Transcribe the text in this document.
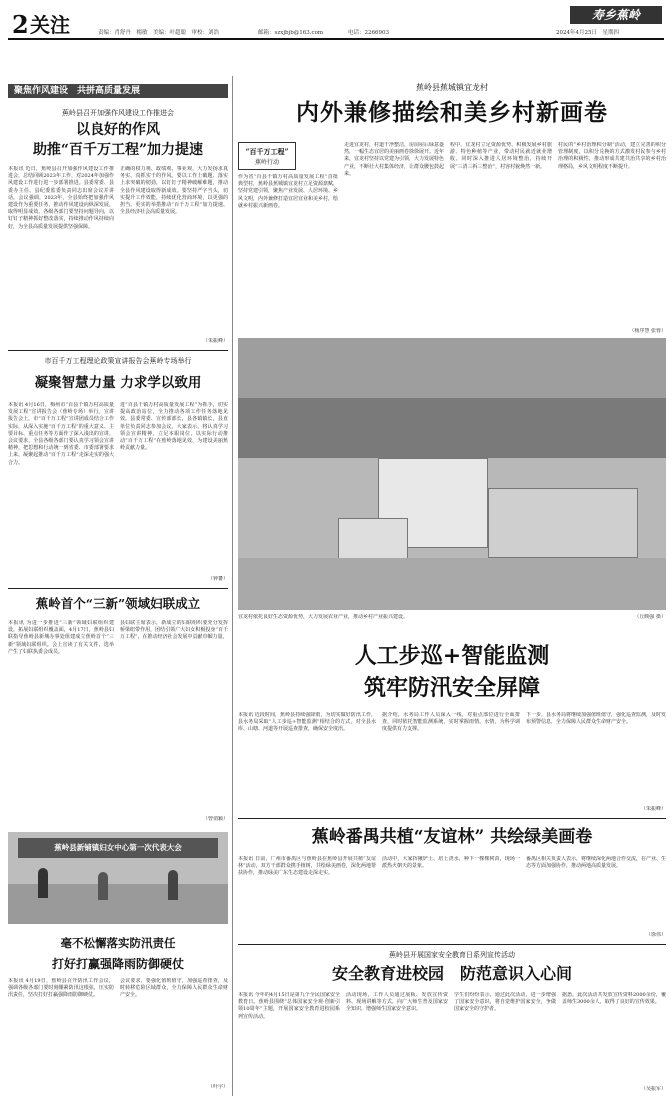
2 关注	责编：肖舒丹　楊敏　美编：叶超聪　审校：刘浩	邮箱：szxjbjb@163.com	电话：2266903
寿乡蕉岭
2024年4月25日　星期四
聚焦作风建设　共拼高质量发展
蕉岭县召开加强作风建设工作推进会
以良好的作风
助推“百千万工程”加力提速
本报讯 近日，蕉岭县召开加强作风建设工作推进会，总结回顾2023年工作，对2024年加强作风建设工作进行进一步部署推进。县委常委、县委办主任、县纪委监委负责同志出席会议并讲话。会议强调，2023年，全县始终把加强作风建设作为重要任务，推动作风建设向纵深发展，取得明显成效。各级各部门要坚持问题导向，以钉钉子精神抓好整改落实，持续推动作风持续向好，为全县高质量发展提供坚强保障。
正确的权力观、政绩观、事业观，大力发扬求真务实、真抓实干的作风。要以工作上破题、落实上求突破的韧劲，以钉钉子精神破解难题，推动全县作风建设取得新成效。要坚持严字当头，切实提升工作效能，持续优化营商环境，以更强的担当、更实的举措推动“百千万工程”加力提速、全县经济社会高质量发展。
（朱振峰）
市百千万工程理论政策宣讲报告会蕉岭专场举行
凝聚智慧力量 力求学以致用
本报讯 4月16日，梅州市“百县千镇万村高质量发展工程”宣讲报告会（蕉岭专场）举行。宣讲报告会上，市“百千万工程”宣讲团成员结合工作实际，从深入实施“百千万工程”的重大意义、主要目标、重点任务等方面作了深入浅出的宣讲。会议要求，全县各级各部门要认真学习领会宣讲精神，把思想和行动统一到省委、市委部署要求上来，凝聚起推动“百千万工程”走深走实的强大合力。
进“百县千镇万村高质量发展工程”为抓手，切实提高政治站位，全力推动各项工作任务落地见效。县委常委、宣传部部长，县各镇镇长，县直单位负责同志参加会议。大家表示，将认真学习领会宣讲精神，立足本职岗位，以实际行动推动“百千万工程”在蕉岭落地见效，为建设美丽蕉岭贡献力量。
（钟蕃）
蕉岭首个“三新”领域妇联成立
本报讯 为进一步推进“三新”领域妇联组织建设，拓展妇联组织覆盖面，4月17日，蕉岭县妇联指导蕉岭县新城办事处组建成立蕉岭首个“三新”领域妇联组织。会上宣读了有关文件，选举产生了妇联执委会成员。
县妇联主席表示，新成立的妇联组织要充分发挥桥梁纽带作用，团结引领广大妇女积极投身“百千万工程”，在推动经济社会发展中贡献巾帼力量。
（曾俏颖）
蕉岭县新铺镇妇女中心第一次代表大会
毫不松懈落实防汛责任
打好打赢强降雨防御硬仗
本报讯 4月19日，蕉岭县召开防汛工作会议，强调各级各部门要时刻绷紧防汛这根弦，压实防汛责任，坚决打好打赢强降雨防御硬仗。
会议要求，要强化值班值守，加强巡查排查，及时转移危险区域群众，全力保障人民群众生命财产安全。
（叶宇）
蕉岭县蕉城镇宜龙村
内外兼修描绘和美乡村新画卷
“百千万工程”
蕉岭行动
作为省“百县千镇万村高质量发展工程”首批典型村，蕉岭县蕉城镇宜龙村立足资源禀赋，坚持党建引领，聚焦产业发展、人居环境、乡风文明，内外兼修打造宜居宜业和美乡村，绘就乡村振兴新画卷。
走进宜龙村，村道干净整洁，房前屋后绿意盎然，一幅生态宜居的美丽画卷徐徐展开。近年来，宜龙村坚持以党建为引领，大力发展特色产业，不断壮大村集体经济，让群众腰包鼓起来。
程中，宜龙村立足资源优势，积极发展乡村旅游、特色种植等产业，带动村民就近就业增收。同时深入推进人居环境整治，持续开展“三清三拆三整治”，村容村貌焕然一新。
村民的“乡村治理积分制”活动，建立完善的积分管理制度，以积分兑换的方式激发村民参与乡村治理的积极性，推动形成共建共治共享的乡村治理格局，乡风文明程度不断提升。
（杨序慧 张蓉）
宜龙村依托良好生态资源优势，大力发展农业产业，推动乡村产业振兴建设。	（丘映强 摄）
人工步巡+智能监测
筑牢防汛安全屏障
本报讯 近段时间，蕉岭县持续强降雨，为切实做好防汛工作，县水务局采取“人工步巡+智能监测”相结合的方式，对全县水库、山塘、河道等开展巡查排查，确保安全度汛。
据介绍，水务局工作人员深入一线，对重点部位进行全面排查，同时依托智能监测系统，实时掌握雨情、水情，为科学调度提供有力支撑。
下一步，县水务局将继续加强值班值守，强化巡查监测，及时发布预警信息，全力保障人民群众生命财产安全。
（朱振峰）
蕉岭番禺共植“友谊林” 共绘绿美画卷
本报讯 日前，广州市番禺区与蕉岭县在蕉岭县开展共植“友谊林”活动，双方干部群众携手植树，共绘绿美画卷，深化两地帮扶协作，推动绿美广东生态建设走深走实。
活动中，大家挥锹铲土、培土浇水，种下一棵棵树苗，现场一派热火朝天的景象。
番禺区相关负责人表示，将继续深化两地合作交流，在产业、生态等方面加强协作，推动两地高质量发展。
（徐伟）
蕉岭县开展国家安全教育日系列宣传活动
安全教育进校园　防范意识入心间
本报讯 今年的4月15日是第九个全民国家安全教育日。蕉岭县围绕“总体国家安全观·创新引领10周年”主题，开展国家安全教育进校园系列宣传活动。
活动现场，工作人员通过展板、发放宣传资料、现场讲解等方式，向广大师生普及国家安全知识，增强师生国家安全意识。
学生们纷纷表示，通过此次活动，进一步增强了国家安全意识，将自觉维护国家安全，争做国家安全的守护者。
据悉，此次活动共发放宣传资料2000余份，覆盖师生3000余人，取得了良好的宣传效果。
（吴振军）
